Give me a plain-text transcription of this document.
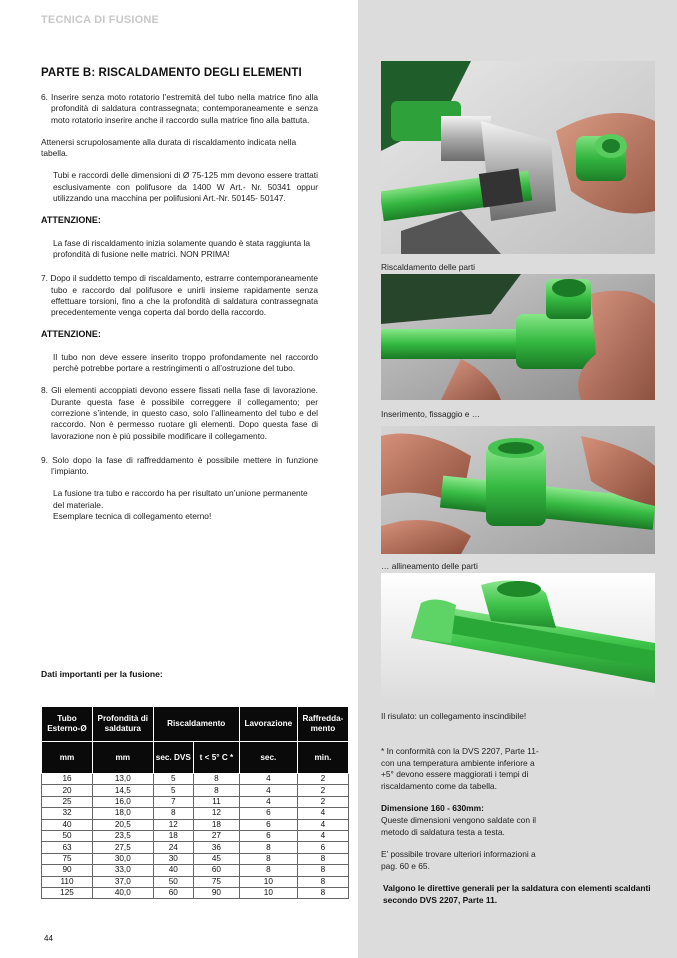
TECNICA DI FUSIONE
PARTE B: RISCALDAMENTO DEGLI ELEMENTI

6. Inserire senza moto rotatorio l’estremità del tubo nella matrice fino alla profondità di saldatura contrassegnata; contemporaneamente e senza moto rotatorio inserire anche il raccordo sulla matrice fino alla battuta.

Attenersi scrupolosamente alla durata di riscaldamento indicata nella tabella.

Tubi e raccordi delle dimensioni di Ø 75-125 mm devono essere trattati esclusivamente con polifusore da 1400 W Art.- Nr. 50341 oppur utilizzando una macchina per polifusioni Art.-Nr. 50145- 50147.

ATTENZIONE:

La fase di riscaldamento inizia solamente quando è stata raggiunta la profondità di fusione nelle matrici. NON PRIMA!

7. Dopo il suddetto tempo di riscaldamento, estrarre contemporaneamente tubo e raccordo dal polifusore e unirli insieme rapidamente senza effettuare torsioni, fino a che la profondità di saldatura contrassegnata precedentemente venga coperta dal bordo della raccordo.

ATTENZIONE:

Il tubo non deve essere inserito troppo profondamente nel raccordo perchè potrebbe portare a restringimenti o all’ostruzione del tubo.

8. Gli elementi accoppiati devono essere fissati nella fase di lavorazione. Durante questa fase è possibile correggere il collegamento; per correzione s’intende, in questo caso, solo l’allineamento del tubo e del raccordo. Non è permesso ruotare gli elementi. Dopo questa fase di lavorazione non è più possibile modificare il collegamento.

9. Solo dopo la fase di raffreddamento è possibile mettere in funzione l’impianto.

La fusione tra tubo e raccordo ha per risultato un’unione permanente del materiale.

Esemplare tecnica di collegamento eterno!

Riscaldamento delle parti
Inserimento, fissaggio e …
… allineamento delle parti
Il risulato: un collegamento inscindibile!

* In conformità con la DVS 2207, Parte 11- con una temperatura ambiente inferiore a +5° devono essere maggiorati i tempi di riscaldamento come da tabella.

Dimensione 160 - 630mm:

Queste dimensioni vengono saldate con il metodo di saldatura testa a testa.

E’ possibile trovare ulteriori informazioni a pag. 60 e 65.

Valgono le direttive generali per la saldatura con elementi scaldanti secondo DVS 2207, Parte 11.

Dati importanti per la fusione:
Tubo Esterno-Ø	Profondità di saldatura	Riscaldamento		Lavorazione	Raffredda-mento
mm	mm	sec. DVS	t < 5° C *	sec.	min.
16	13,0	5	8	4	2
20	14,5	5	8	4	2
25	16,0	7	11	4	2
32	18,0	8	12	6	4
40	20,5	12	18	6	4
50	23,5	18	27	6	4
63	27,5	24	36	8	6
75	30,0	30	45	8	8
90	33,0	40	60	8	8
110	37,0	50	75	10	8
125	40,0	60	90	10	8
44
